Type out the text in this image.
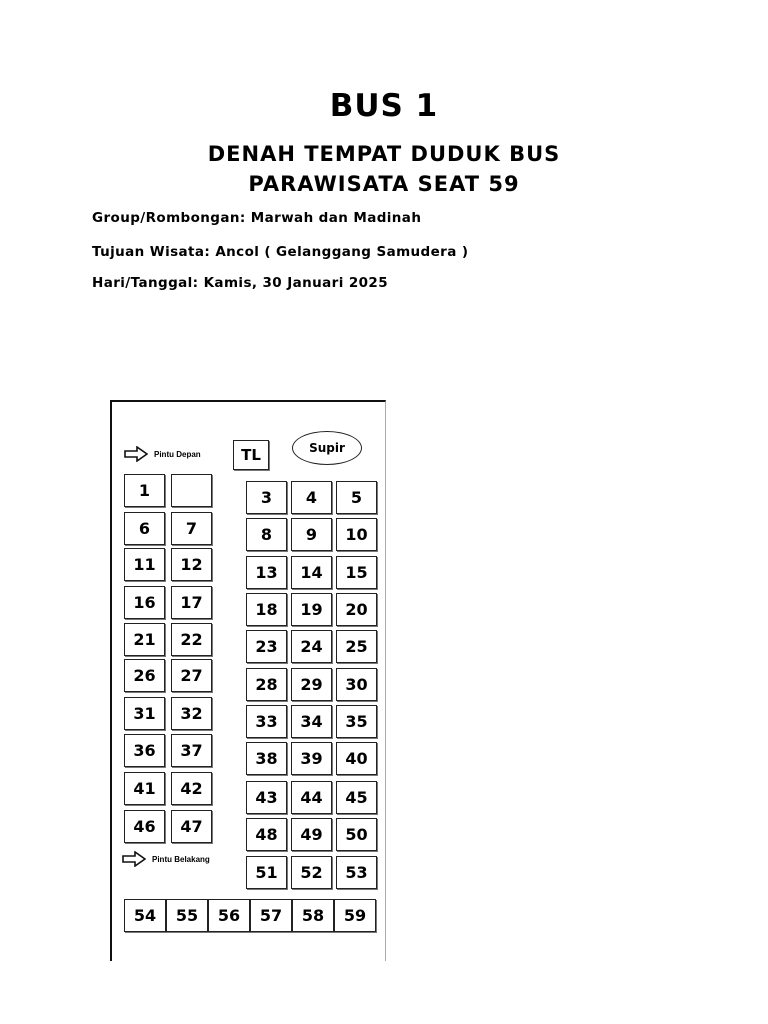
BUS 1
DENAH TEMPAT DUDUK BUS
PARAWISATA SEAT 59
Group/Rombongan: Marwah dan Madinah
Tujuan Wisata: Ancol ( Gelanggang Samudera )
Hari/Tanggal: Kamis, 30 Januari 2025
Pintu Depan	TL	Supir
Pintu Belakang
1
6	7
11	12
16	17
21	22
26	27
31	32
36	37
41	42
46	47
3	4	5
8	9	10
13	14	15
18	19	20
23	24	25
28	29	30
33	34	35
38	39	40
43	44	45
48	49	50
51	52	53
54	55	56	57	58	59
